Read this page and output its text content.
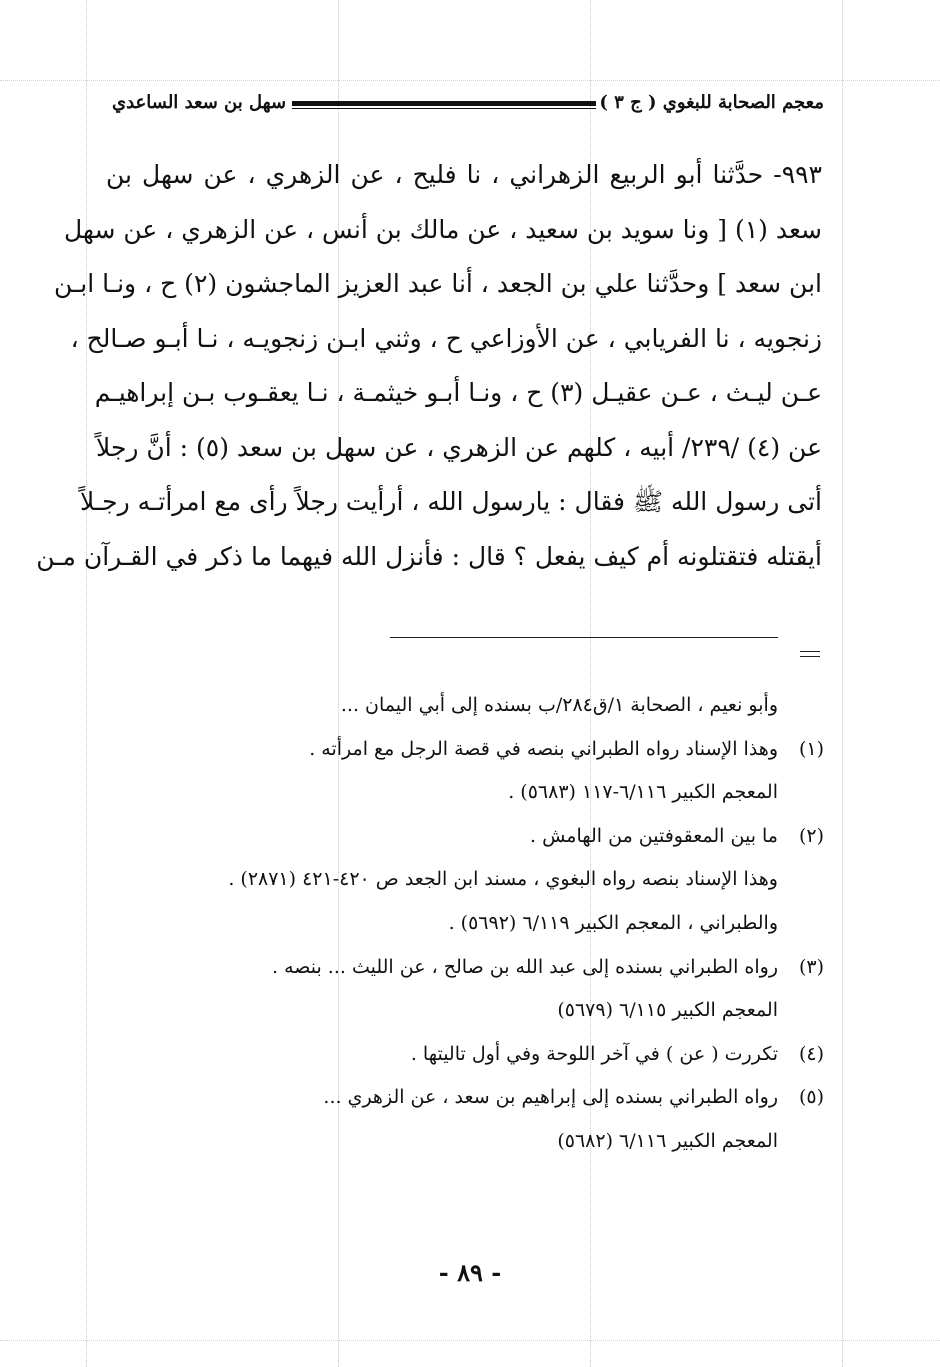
معجم الصحابة للبغوي ( ج ٣ )
سهل بن سعد الساعدي
٩٩٣- حدَّثنا أبو الربيع الزهراني ، نا فليح ، عن الزهري ، عن سهل بن
سعد (١) [ ونا سويد بن سعيد ، عن مالك بن أنس ، عن الزهري ، عن سهل
ابن سعد ] وحدَّثنا علي بن الجعد ، أنا عبد العزيز الماجشون (٢) ح ، ونـا ابـن
زنجويه ، نا الفريابي ، عن الأوزاعي ح ، وثني ابـن زنجويـه ، نـا أبـو صـالح ،
عـن ليـث ، عـن عقيـل (٣) ح ، ونـا أبـو خيثمـة ، نـا يعقـوب بـن إبراهيـم
عن (٤) /٢٣٩/ أبيه ، كلهم عن الزهري ، عن سهل بن سعد (٥) : أنَّ رجلاً
أتى رسول الله ﷺ فقال : يارسول الله ، أرأيت رجلاً رأى مع امرأتـه رجـلاً
أيقتله فتقتلونه أم كيف يفعل ؟ قال : فأنزل الله فيهما ما ذكر في القـرآن مـن
وأبو نعيم ، الصحابة ١/ق٢٨٤/ب بسنده إلى أبي اليمان ...
(١)وهذا الإسناد رواه الطبراني بنصه في قصة الرجل مع امرأته .
المعجم الكبير ٦/١١٦-١١٧ (٥٦٨٣) .
(٢)ما بين المعقوفتين من الهامش .
وهذا الإسناد بنصه رواه البغوي ، مسند ابن الجعد ص ٤٢٠-٤٢١ (٢٨٧١) .
والطبراني ، المعجم الكبير ٦/١١٩ (٥٦٩٢) .
(٣)رواه الطبراني بسنده إلى عبد الله بن صالح ، عن الليث ... بنصه .
المعجم الكبير ٦/١١٥ (٥٦٧٩)
(٤)تكررت ( عن ) في آخر اللوحة وفي أول تاليتها .
(٥)رواه الطبراني بسنده إلى إبراهيم بن سعد ، عن الزهري ...
المعجم الكبير ٦/١١٦ (٥٦٨٢)
- ٨٩ -
